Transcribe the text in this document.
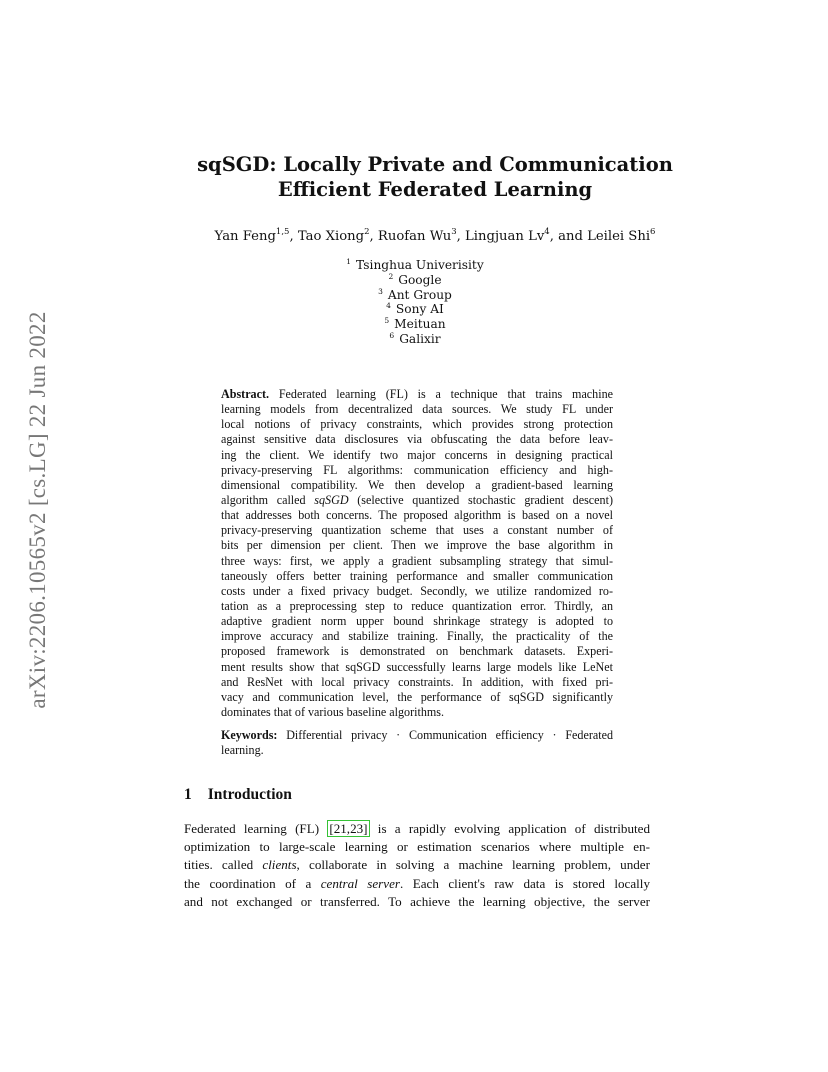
arXiv:2206.10565v2 [cs.LG] 22 Jun 2022
sqSGD: Locally Private and Communication
Efficient Federated Learning
Yan Feng$^{1,5}$, Tao Xiong$^2$, Ruofan Wu$^3$, Lingjuan Lv$^4$, and Leilei Shi$^6$
$^1$ Tsinghua Univerisity
$^2$ Google
$^3$ Ant Group
$^4$ Sony AI
$^5$ Meituan
$^6$ Galixir
Abstract. Federated learning (FL) is a technique that trains machine
learning models from decentralized data sources. We study FL under
local notions of privacy constraints, which provides strong protection
against sensitive data disclosures via obfuscating the data before leav-
ing the client. We identify two major concerns in designing practical
privacy-preserving FL algorithms: communication efficiency and high-
dimensional compatibility. We then develop a gradient-based learning
algorithm called sqSGD (selective quantized stochastic gradient descent)
that addresses both concerns. The proposed algorithm is based on a novel
privacy-preserving quantization scheme that uses a constant number of
bits per dimension per client. Then we improve the base algorithm in
three ways: first, we apply a gradient subsampling strategy that simul-
taneously offers better training performance and smaller communication
costs under a fixed privacy budget. Secondly, we utilize randomized ro-
tation as a preprocessing step to reduce quantization error. Thirdly, an
adaptive gradient norm upper bound shrinkage strategy is adopted to
improve accuracy and stabilize training. Finally, the practicality of the
proposed framework is demonstrated on benchmark datasets. Experi-
ment results show that sqSGD successfully learns large models like LeNet
and ResNet with local privacy constraints. In addition, with fixed pri-
vacy and communication level, the performance of sqSGD significantly
dominates that of various baseline algorithms.
Keywords: Differential privacy · Communication efficiency · Federated
learning.
1 Introduction
Federated learning (FL) [21,23] is a rapidly evolving application of distributed
optimization to large-scale learning or estimation scenarios where multiple en-
tities. called clients, collaborate in solving a machine learning problem, under
the coordination of a central server. Each client's raw data is stored locally
and not exchanged or transferred. To achieve the learning objective, the server
